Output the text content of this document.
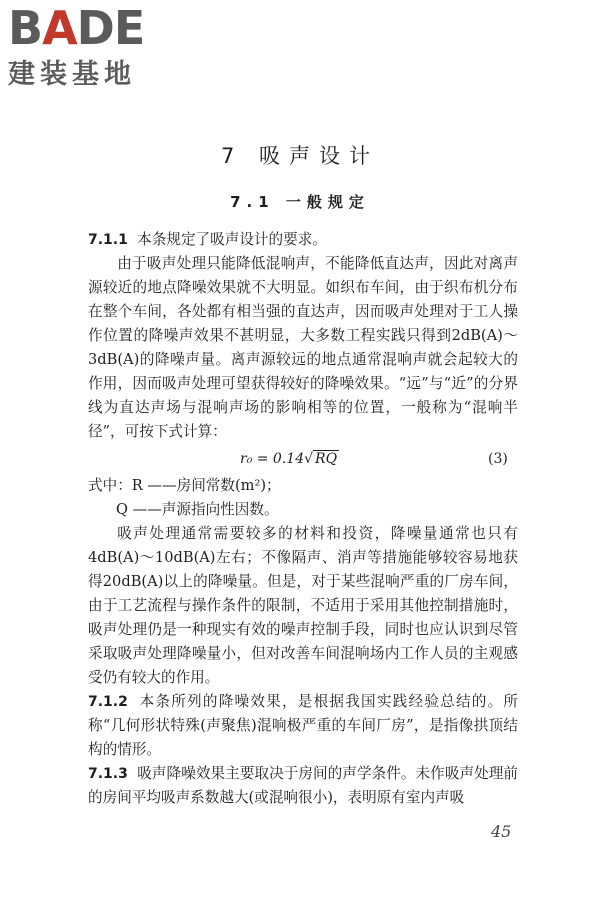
BADE
建装基地
7 吸声设计
7.1 一般规定
7.1.1 本条规定了吸声设计的要求。
由于吸声处理只能降低混响声，不能降低直达声，因此对离声源较近的地点降噪效果就不大明显。如织布车间，由于织布机分布在整个车间，各处都有相当强的直达声，因而吸声处理对于工人操作位置的降噪声效果不甚明显，大多数工程实践只得到2dB(A)～3dB(A)的降噪声量。离声源较远的地点通常混响声就会起较大的作用，因而吸声处理可望获得较好的降噪效果。“远”与“近”的分界线为直达声场与混响声场的影响相等的位置，一般称为“混响半径”，可按下式计算：
r₀ = 0.14√ RQ	(3)
式中：R ——房间常数(m²)；
Q ——声源指向性因数。
吸声处理通常需要较多的材料和投资，降噪量通常也只有4dB(A)～10dB(A)左右；不像隔声、消声等措施能够较容易地获得20dB(A)以上的降噪量。但是，对于某些混响严重的厂房车间，由于工艺流程与操作条件的限制，不适用于采用其他控制措施时，吸声处理仍是一种现实有效的噪声控制手段，同时也应认识到尽管采取吸声处理降噪量小，但对改善车间混响场内工作人员的主观感受仍有较大的作用。
7.1.2 本条所列的降噪效果，是根据我国实践经验总结的。所称“几何形状特殊(声聚焦)混响极严重的车间厂房”，是指像拱顶结构的情形。
7.1.3 吸声降噪效果主要取决于房间的声学条件。未作吸声处理前的房间平均吸声系数越大(或混响很小)，表明原有室内声吸
45
